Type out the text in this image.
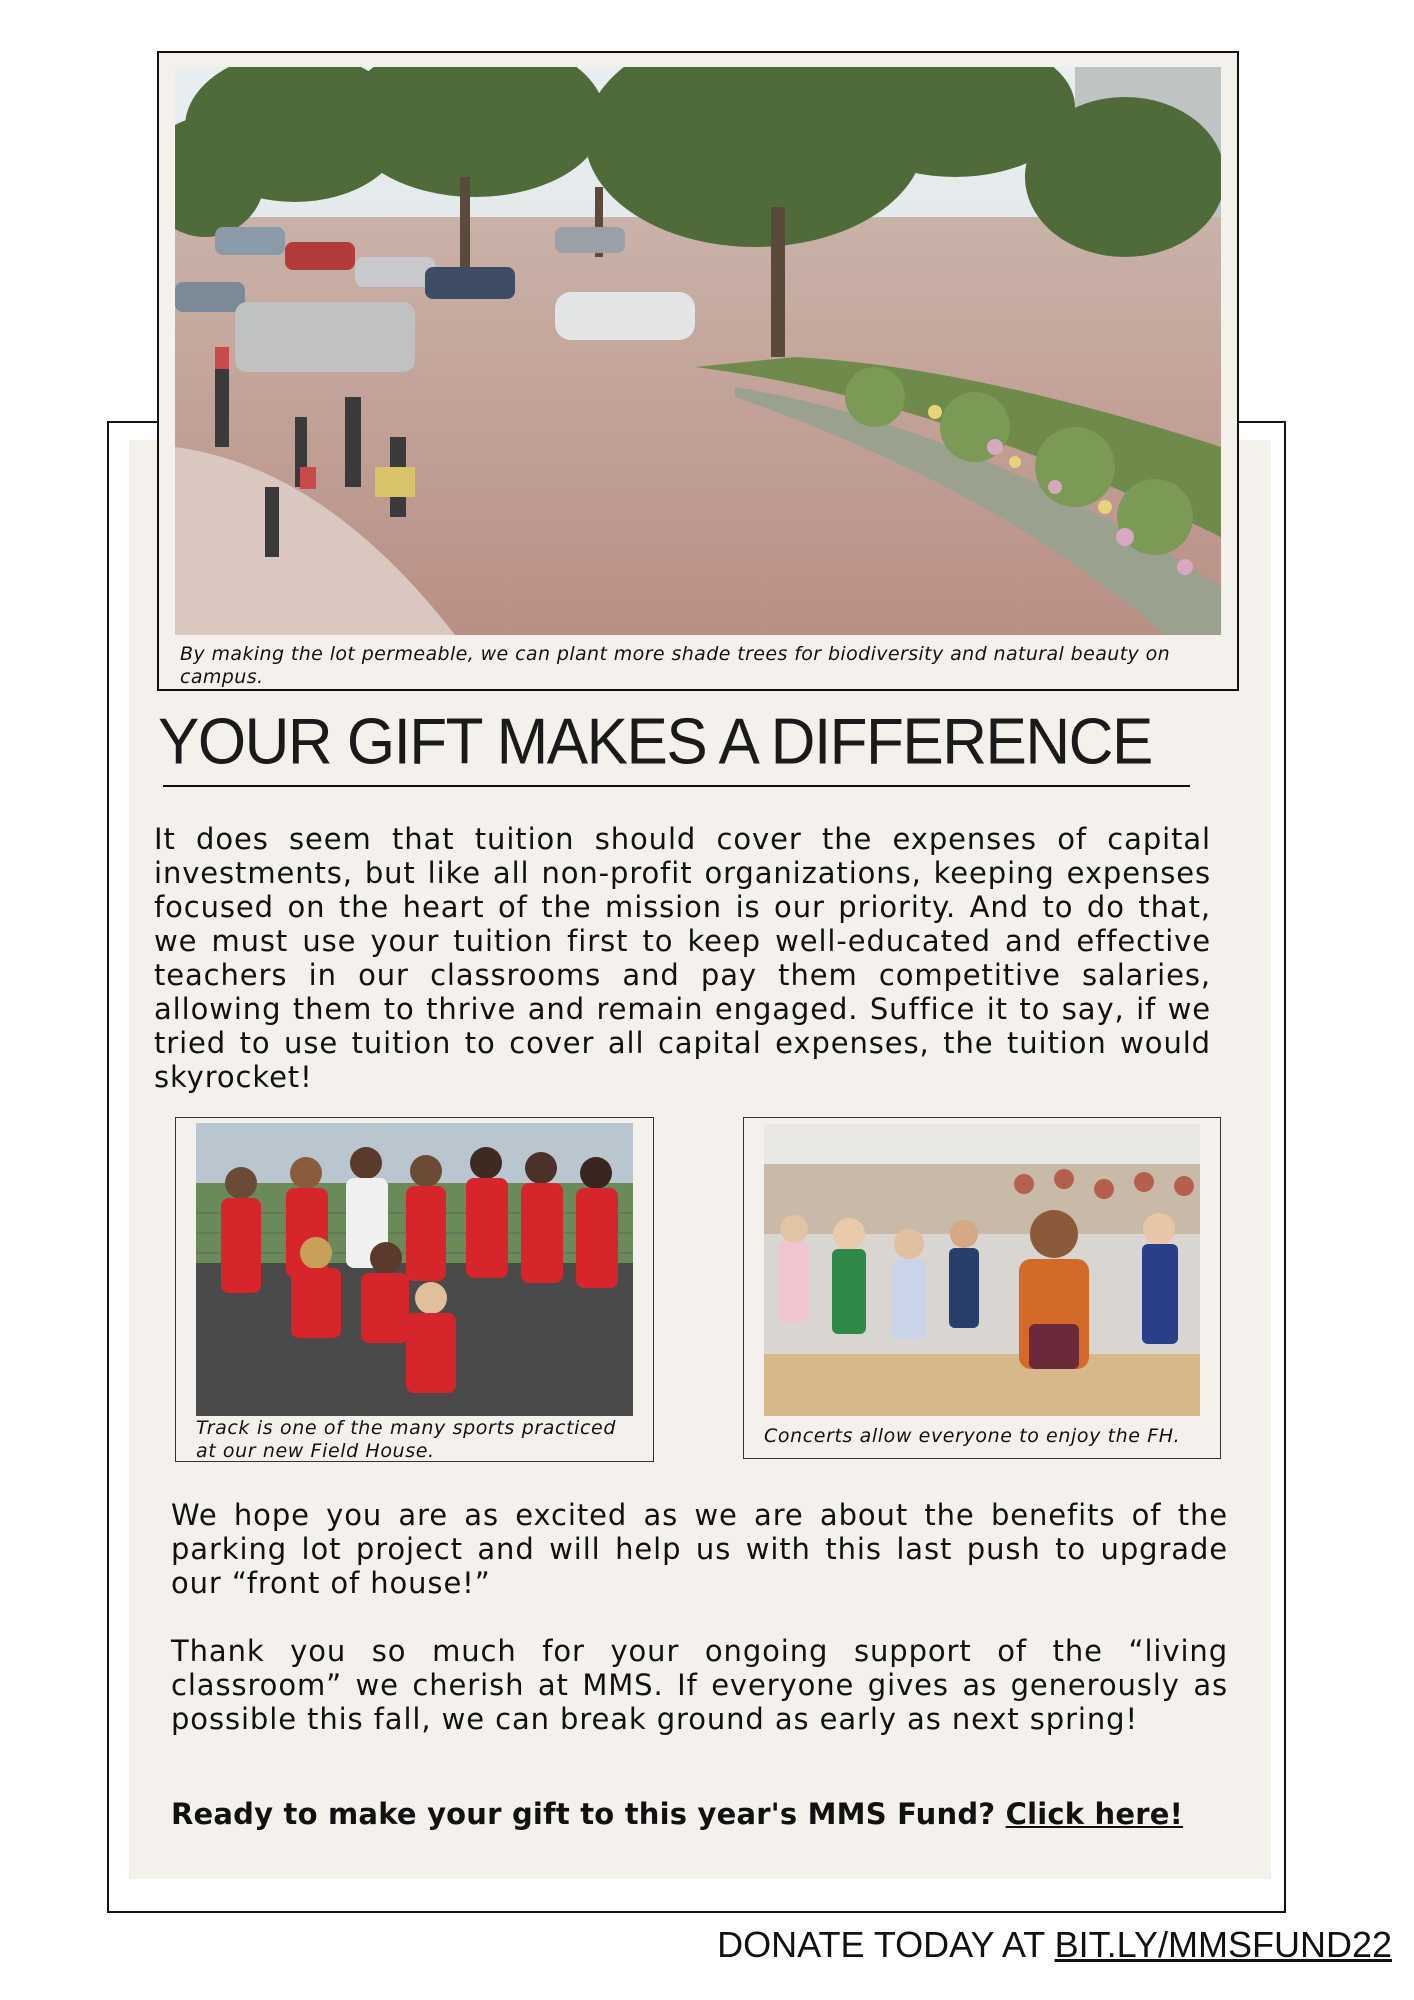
By making the lot permeable, we can plant more shade trees for biodiversity and natural beauty on campus.
YOUR GIFT MAKES A DIFFERENCE
It does seem that tuition should cover the expenses of capital investments, but like all non-profit organizations, keeping expenses focused on the heart of the mission is our priority. And to do that, we must use your tuition first to keep well-educated and effective teachers in our classrooms and pay them competitive salaries, allowing them to thrive and remain engaged. Suffice it to say, if we tried to use tuition to cover all capital expenses, the tuition would skyrocket!
Track is one of the many sports practiced at our new Field House.
Concerts allow everyone to enjoy the FH.
We hope you are as excited as we are about the benefits of the parking lot project and will help us with this last push to upgrade our “front of house!”
Thank you so much for your ongoing support of the “living classroom” we cherish at MMS. If everyone gives as generously as possible this fall, we can break ground as early as next spring!
Ready to make your gift to this year's MMS Fund? Click here!
DONATE TODAY AT BIT.LY/MMSFUND22
